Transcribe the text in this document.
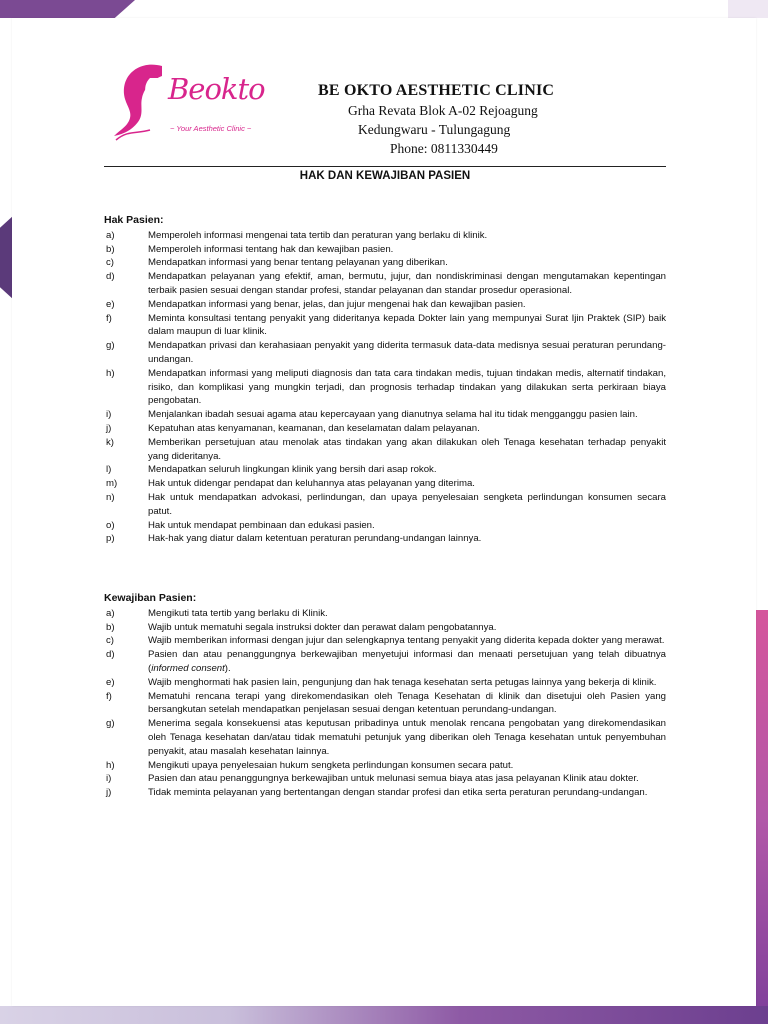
Beokto
~ Your Aesthetic Clinic ~
BE OKTO AESTHETIC CLINIC
Grha Revata Blok A-02 Rejoagung
Kedungwaru - Tulungagung
Phone: 0811330449
HAK DAN KEWAJIBAN PASIEN
Hak Pasien:
a)	Memperoleh informasi mengenai tata tertib dan peraturan yang berlaku di klinik.
b)	Memperoleh informasi tentang hak dan kewajiban pasien.
c)	Mendapatkan informasi yang benar tentang pelayanan yang diberikan.
d)	Mendapatkan pelayanan yang efektif, aman, bermutu, jujur, dan nondiskriminasi dengan mengutamakan kepentingan terbaik pasien sesuai dengan standar profesi, standar pelayanan dan standar prosedur operasional.
e)	Mendapatkan informasi yang benar, jelas, dan jujur mengenai hak dan kewajiban pasien.
f)	Meminta konsultasi tentang penyakit yang dideritanya kepada Dokter lain yang mempunyai Surat Ijin Praktek (SIP) baik dalam maupun di luar klinik.
g)	Mendapatkan privasi dan kerahasiaan penyakit yang diderita termasuk data-data medisnya sesuai peraturan perundang-undangan.
h)	Mendapatkan informasi yang meliputi diagnosis dan tata cara tindakan medis, tujuan tindakan medis, alternatif tindakan, risiko, dan komplikasi yang mungkin terjadi, dan prognosis terhadap tindakan yang dilakukan serta perkiraan biaya pengobatan.
i)	Menjalankan ibadah sesuai agama atau kepercayaan yang dianutnya selama hal itu tidak mengganggu pasien lain.
j)	Kepatuhan atas kenyamanan, keamanan, dan keselamatan dalam pelayanan.
k)	Memberikan persetujuan atau menolak atas tindakan yang akan dilakukan oleh Tenaga kesehatan terhadap penyakit yang dideritanya.
l)	Mendapatkan seluruh lingkungan klinik yang bersih dari asap rokok.
m)	Hak untuk didengar pendapat dan keluhannya atas pelayanan yang diterima.
n)	Hak untuk mendapatkan advokasi, perlindungan, dan upaya penyelesaian sengketa perlindungan konsumen secara patut.
o)	Hak untuk mendapat pembinaan dan edukasi pasien.
p)	Hak-hak yang diatur dalam ketentuan peraturan perundang-undangan lainnya.
Kewajiban Pasien:
a)	Mengikuti tata tertib yang berlaku di Klinik.
b)	Wajib untuk mematuhi segala instruksi dokter dan perawat dalam pengobatannya.
c)	Wajib memberikan informasi dengan jujur dan selengkapnya tentang penyakit yang diderita kepada dokter yang merawat.
d)	Pasien dan atau penanggungnya berkewajiban menyetujui informasi dan menaati persetujuan yang telah dibuatnya (informed consent).
e)	Wajib menghormati hak pasien lain, pengunjung dan hak tenaga kesehatan serta petugas lainnya yang bekerja di klinik.
f)	Mematuhi rencana terapi yang direkomendasikan oleh Tenaga Kesehatan di klinik dan disetujui oleh Pasien yang bersangkutan setelah mendapatkan penjelasan sesuai dengan ketentuan perundang-undangan.
g)	Menerima segala konsekuensi atas keputusan pribadinya untuk menolak rencana pengobatan yang direkomendasikan oleh Tenaga kesehatan dan/atau tidak mematuhi petunjuk yang diberikan oleh Tenaga kesehatan untuk penyembuhan penyakit, atau masalah kesehatan lainnya.
h)	Mengikuti upaya penyelesaian hukum sengketa perlindungan konsumen secara patut.
i)	Pasien dan atau penanggungnya berkewajiban untuk melunasi semua biaya atas jasa pelayanan Klinik atau dokter.
j)	Tidak meminta pelayanan yang bertentangan dengan standar profesi dan etika serta peraturan perundang-undangan.
